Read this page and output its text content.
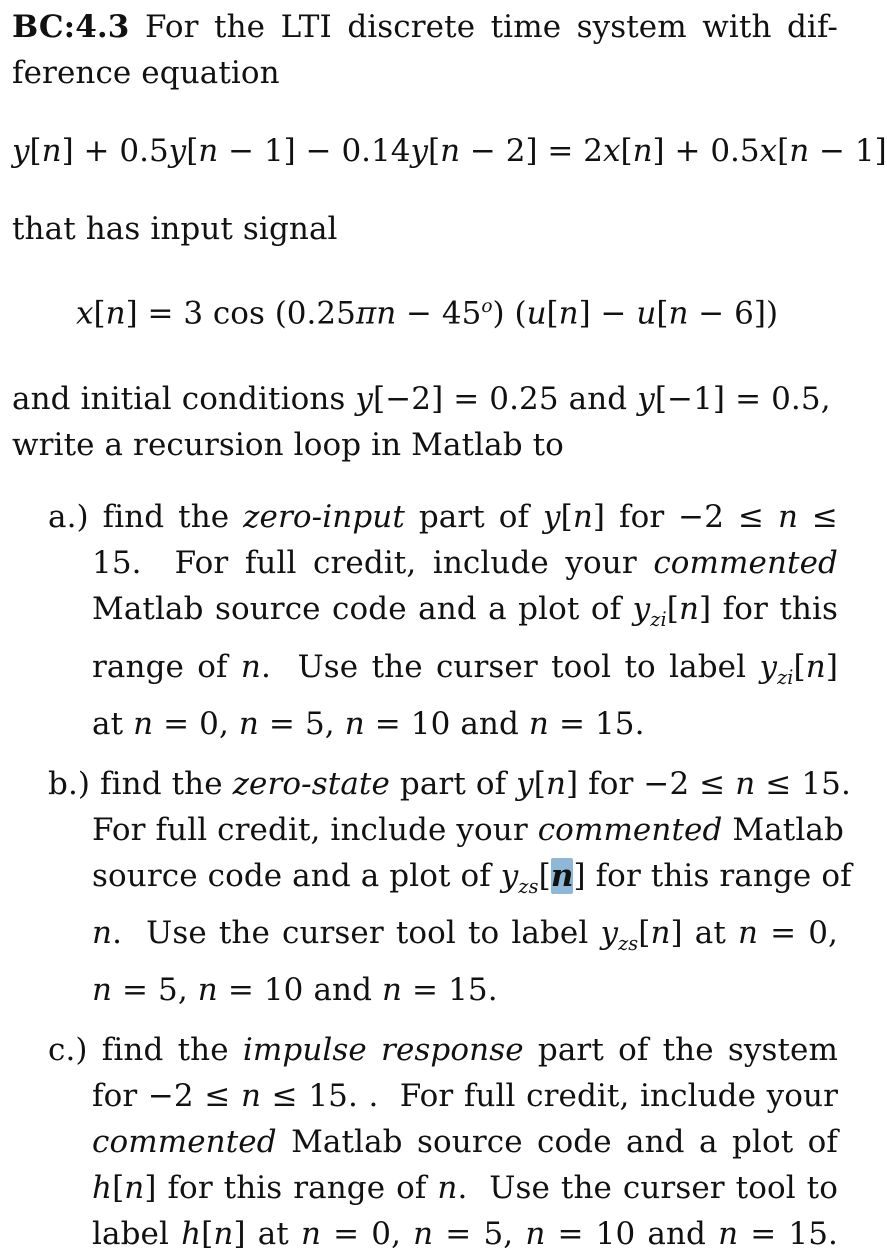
BC:4.3 For the LTI discrete time system with dif-
ference equation
y[n] + 0.5y[n − 1] − 0.14y[n − 2] = 2x[n] + 0.5x[n − 1]
that has input signal
x[n] = 3 $\cos (0.25\pi n - 45^o)$ (u[n] − u[n − 6])
and initial conditions y[−2] = 0.25 and y[−1] = 0.5,
write a recursion loop in Matlab to
a.) find the zero-input part of y[n] for −2 ≤ n ≤
15.  For full credit, include your commented
Matlab source code and a plot of $y_{zi}[n]$ for this
range of n.  Use the curser tool to label $y_{zi}[n]$
at n = 0, n = 5, n = 10 and n = 15.
b.) find the zero-state part of y[n] for −2 ≤ n ≤ 15.
For full credit, include your commented Matlab
source code and a plot of $y_{zs}[n]$ for this range of
n.  Use the curser tool to label $y_{zs}[n]$ at n = 0,
n = 5, n = 10 and n = 15.
c.) find the impulse response part of the system
for −2 ≤ n ≤ 15. .  For full credit, include your
commented Matlab source code and a plot of
h[n] for this range of n.  Use the curser tool to
label h[n] at n = 0, n = 5, n = 10 and n = 15.
